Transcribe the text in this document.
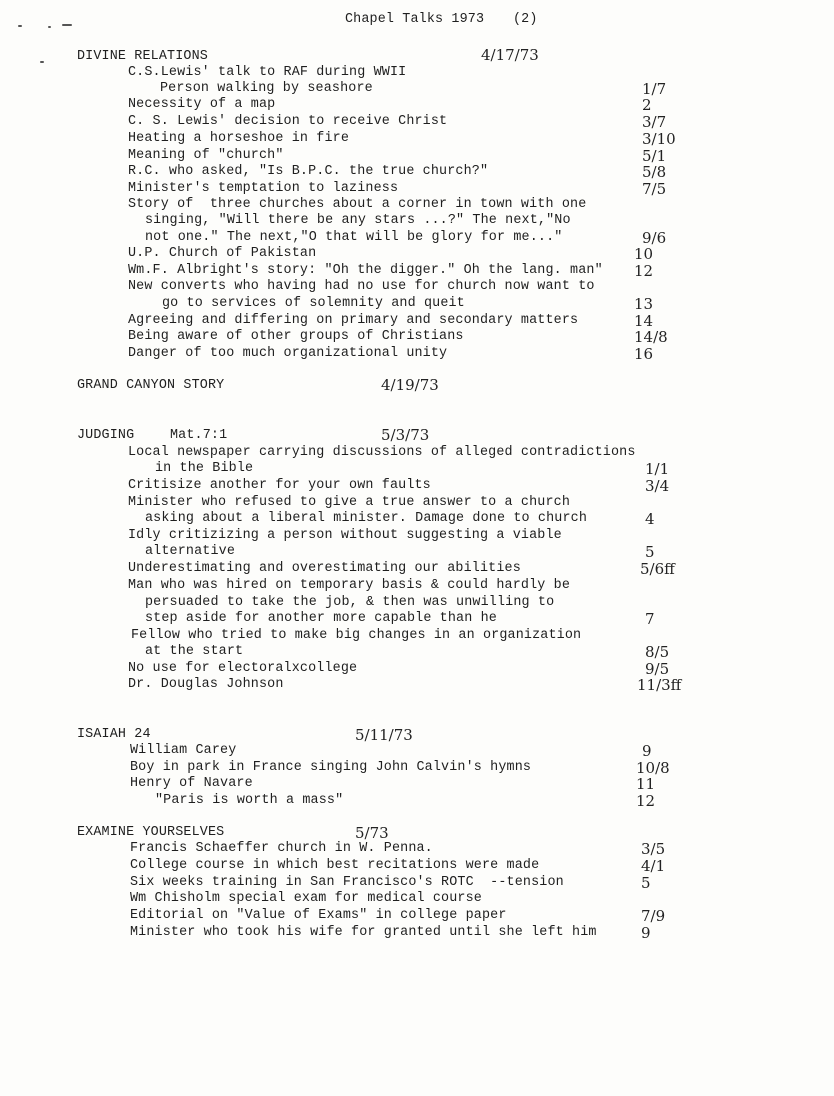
Chapel Talks 1973 (2)
DIVINE RELATIONS	4/17/73
C.S.Lewis' talk to RAF during WWII
Person walking by seashore	1/7
Necessity of a map	2
C. S. Lewis' decision to receive Christ	3/7
Heating a horseshoe in fire	3/10
Meaning of "church"	5/1
R.C. who asked, "Is B.P.C. the true church?"	5/8
Minister's temptation to laziness	7/5
Story of  three churches about a corner in town with one
singing, "Will there be any stars ...?" The next,"No
not one." The next,"O that will be glory for me..."	9/6
U.P. Church of Pakistan	10
Wm.F. Albright's story: "Oh the digger." Oh the lang. man" 12
New converts who having had no use for church now want to
go to services of solemnity and queit	13
Agreeing and differing on primary and secondary matters	14
Being aware of other groups of Christians	14/8
Danger of too much organizational unity	16
GRAND CANYON STORY	4/19/73
JUDGING	Mat.7:1	5/3/73
Local newspaper carrying discussions of alleged contradictions
in the Bible	1/1
Critisize another for your own faults	3/4
Minister who refused to give a true answer to a church
asking about a liberal minister. Damage done to church	4
Idly critizizing a person without suggesting a viable
alternative	5
Underestimating and overestimating our abilities	5/6ff
Man who was hired on temporary basis & could hardly be
persuaded to take the job, & then was unwilling to
step aside for another more capable than he	7
Fellow who tried to make big changes in an organization
at the start	8/5
No use for electoralxcollege	9/5
Dr. Douglas Johnson	11/3ff
ISAIAH 24	5/11/73
William Carey	9
Boy in park in France singing John Calvin's hymns	10/8
Henry of Navare	11
"Paris is worth a mass"	12
EXAMINE YOURSELVES	5/73
Francis Schaeffer church in W. Penna.	3/5
College course in which best recitations were made	4/1
Six weeks training in San Francisco's ROTC  --tension	5
Wm Chisholm special exam for medical course
Editorial on "Value of Exams" in college paper	7/9
Minister who took his wife for granted until she left him	9
